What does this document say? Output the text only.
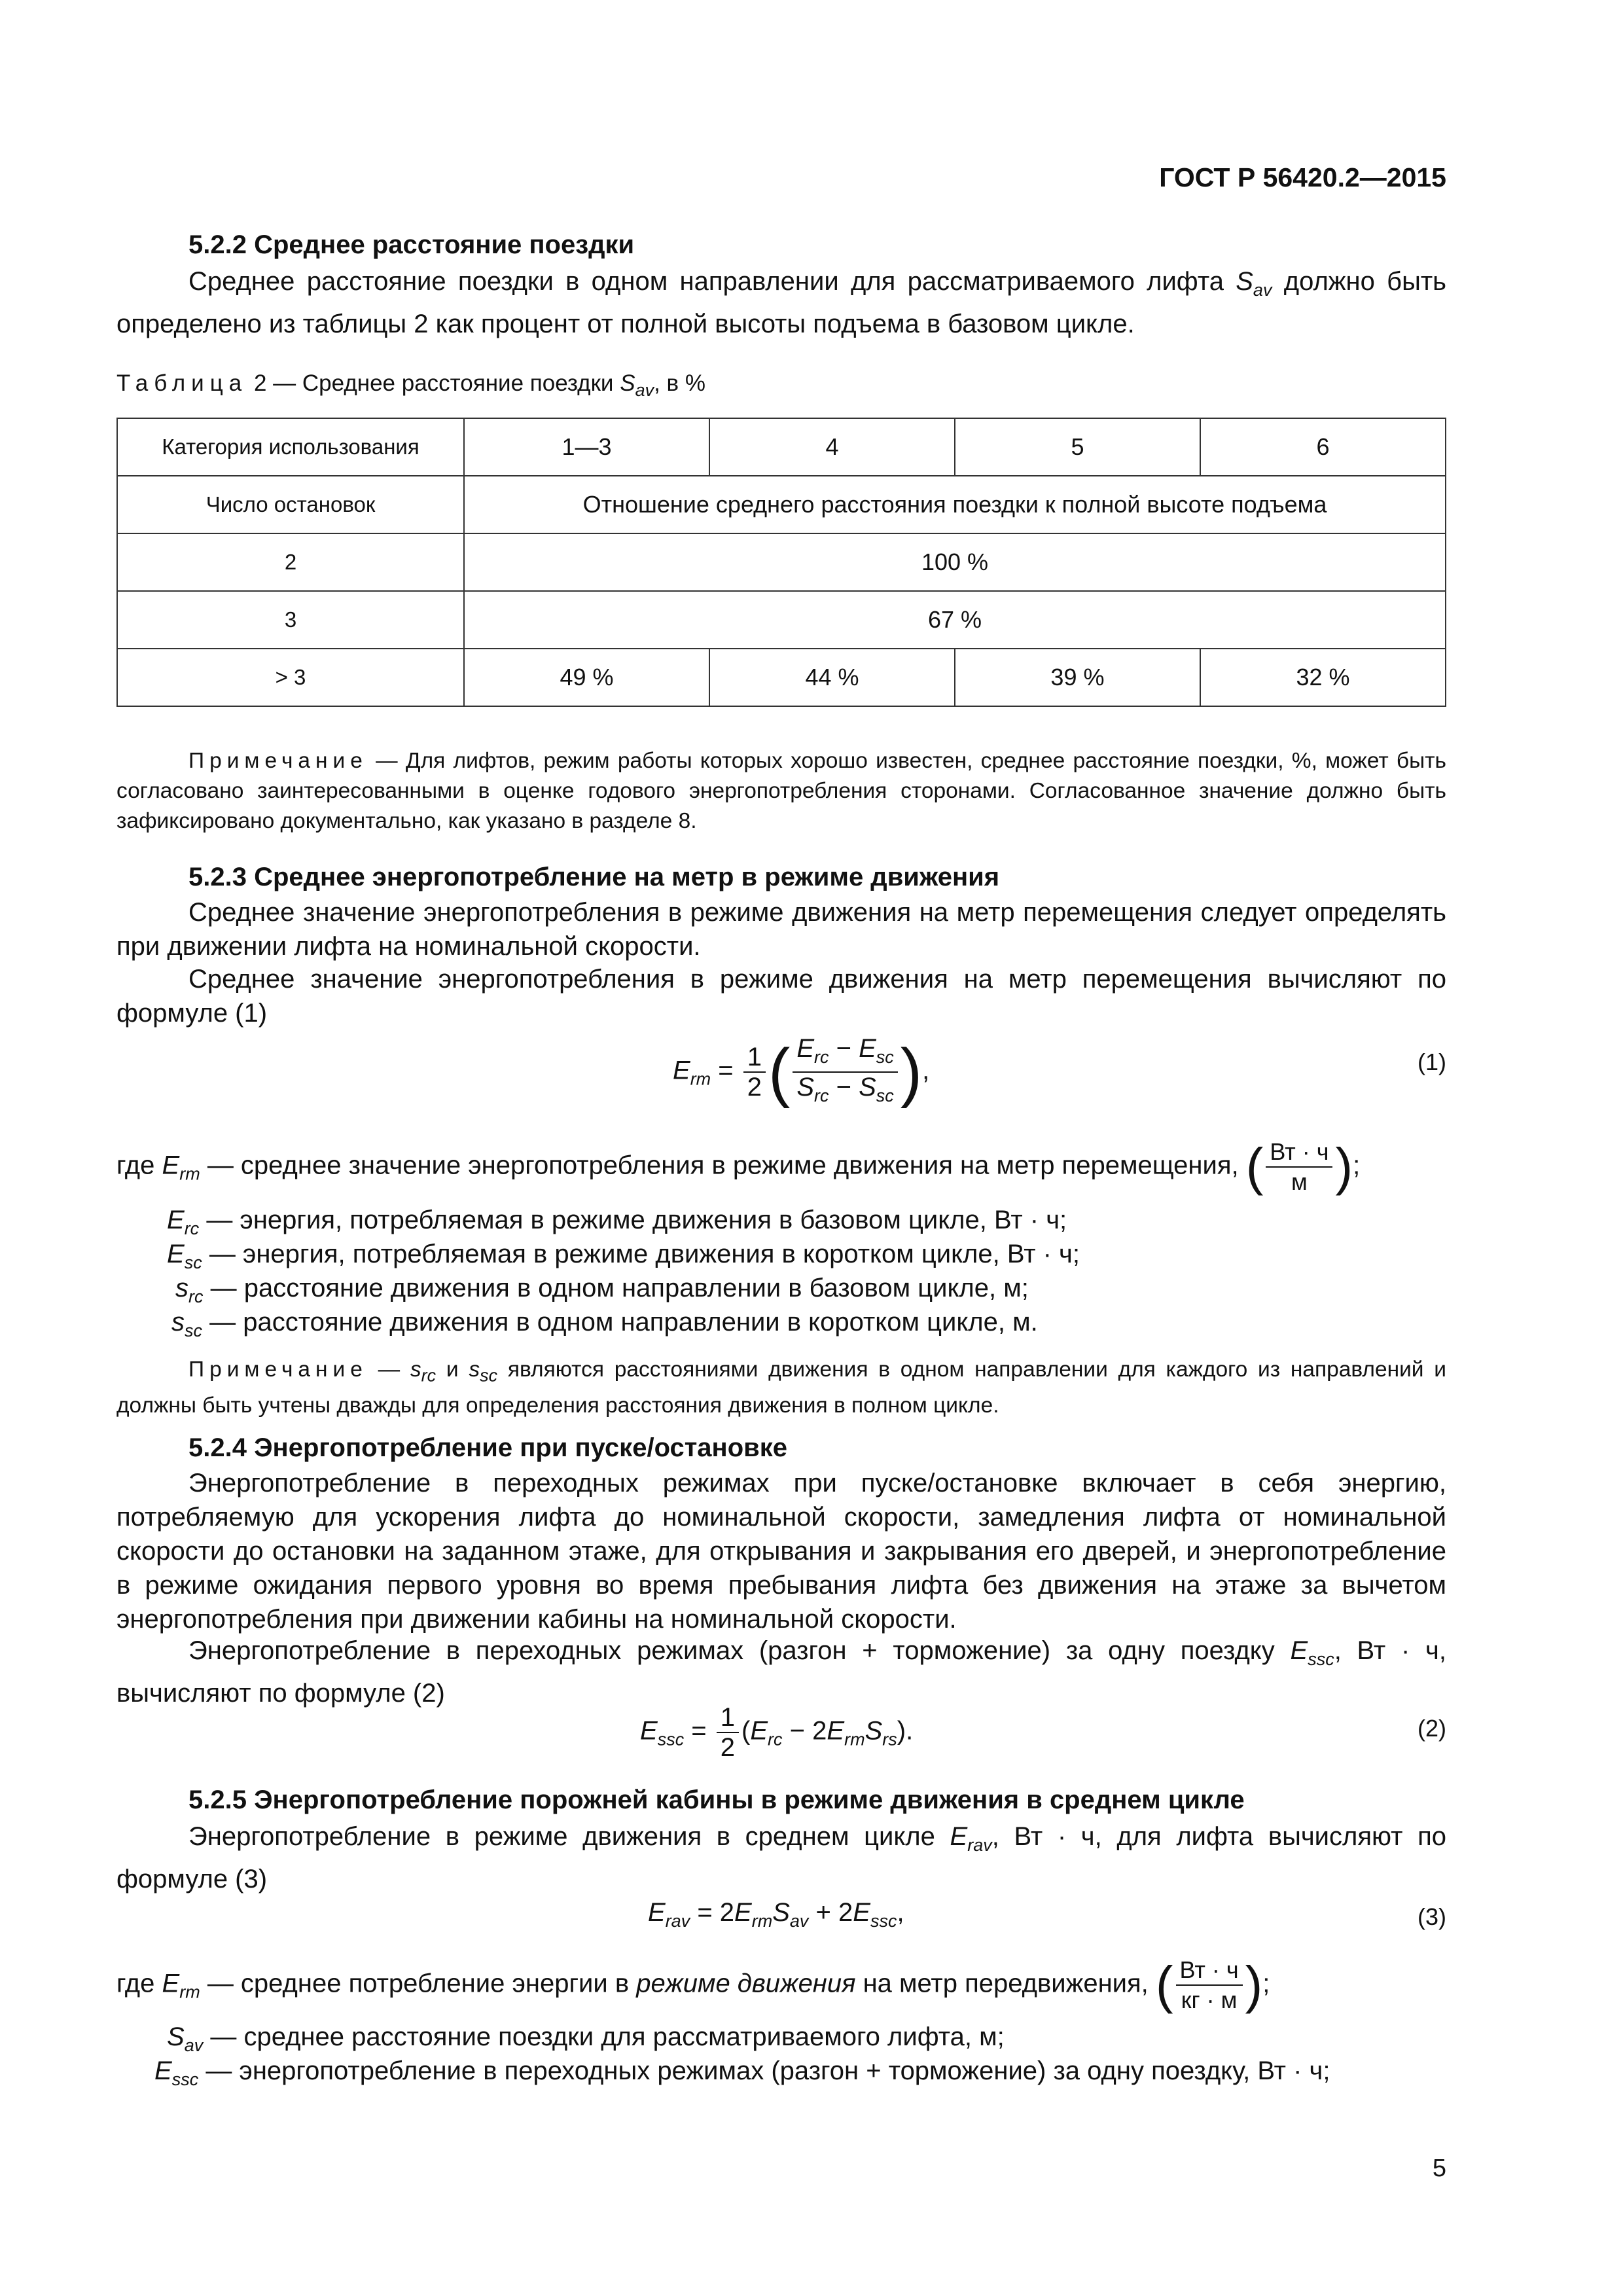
ГОСТ Р 56420.2—2015
5.2.2 Среднее расстояние поездки
Среднее расстояние поездки в одном направлении для рассматриваемого лифта $S_{av}$ должно быть определено из таблицы 2 как процент от полной высоты подъема в базовом цикле.
Таблица 2 — Среднее расстояние поездки $S_{av}$, в %
Категория использования	1—3	4	5	6
Число остановок	Отношение среднего расстояния поездки к полной высоте подъема			
2	100 %			
3	67 %			
> 3	49 %	44 %	39 %	32 %
Примечание — Для лифтов, режим работы которых хорошо известен, среднее расстояние поездки, %, может быть согласовано заинтересованными в оценке годового энергопотребления сторонами. Согласованное значение должно быть зафиксировано документально, как указано в разделе 8.
5.2.3 Среднее энергопотребление на метр в режиме движения
Среднее значение энергопотребления в режиме движения на метр перемещения следует определять при движении лифта на номинальной скорости.
Среднее значение энергопотребления в режиме движения на метр перемещения вычисляют по формуле (1)
$E_{rm} = \frac{1}{2}$ ( $\frac{E_{rc} - E_{sc}}{S_{rc} - S_{sc}}$ ),	(1)
где $E_{rm}$ — среднее значение энергопотребления в режиме движения на метр перемещения, ( $\frac{Вт \cdot ч}{м}$ );
$E_{rc}$ — энергия, потребляемая в режиме движения в базовом цикле, Вт · ч;
$E_{sc}$ — энергия, потребляемая в режиме движения в коротком цикле, Вт · ч;
$s_{rc}$ — расстояние движения в одном направлении в базовом цикле, м;
$s_{sc}$ — расстояние движения в одном направлении в коротком цикле, м.
Примечание — $s_{rc}$ и $s_{sc}$ являются расстояниями движения в одном направлении для каждого из направлений и должны быть учтены дважды для определения расстояния движения в полном цикле.
5.2.4 Энергопотребление при пуске/остановке
Энергопотребление в переходных режимах при пуске/остановке включает в себя энергию, потребляемую для ускорения лифта до номинальной скорости, замедления лифта от номинальной скорости до остановки на заданном этаже, для открывания и закрывания его дверей, и энергопотребление в режиме ожидания первого уровня во время пребывания лифта без движения на этаже за вычетом энергопотребления при движении кабины на номинальной скорости.
Энергопотребление в переходных режимах (разгон + торможение) за одну поездку $E_{ssc}$, Вт · ч, вычисляют по формуле (2)
$E_{ssc} = \frac{1}{2} (E_{rc} - 2E_{rm}S_{rs})$.	(2)
5.2.5 Энергопотребление порожней кабины в режиме движения в среднем цикле
Энергопотребление в режиме движения в среднем цикле $E_{rav}$, Вт · ч, для лифта вычисляют по формуле (3)
$E_{rav} = 2E_{rm}S_{av} + 2E_{ssc}$,	(3)
где $E_{rm}$ — среднее потребление энергии в режиме движения на метр передвижения, ( $\frac{Вт \cdot ч}{кг \cdot м}$ );
$S_{av}$ — среднее расстояние поездки для рассматриваемого лифта, м;
$E_{ssc}$ — энергопотребление в переходных режимах (разгон + торможение) за одну поездку, Вт · ч;
5
